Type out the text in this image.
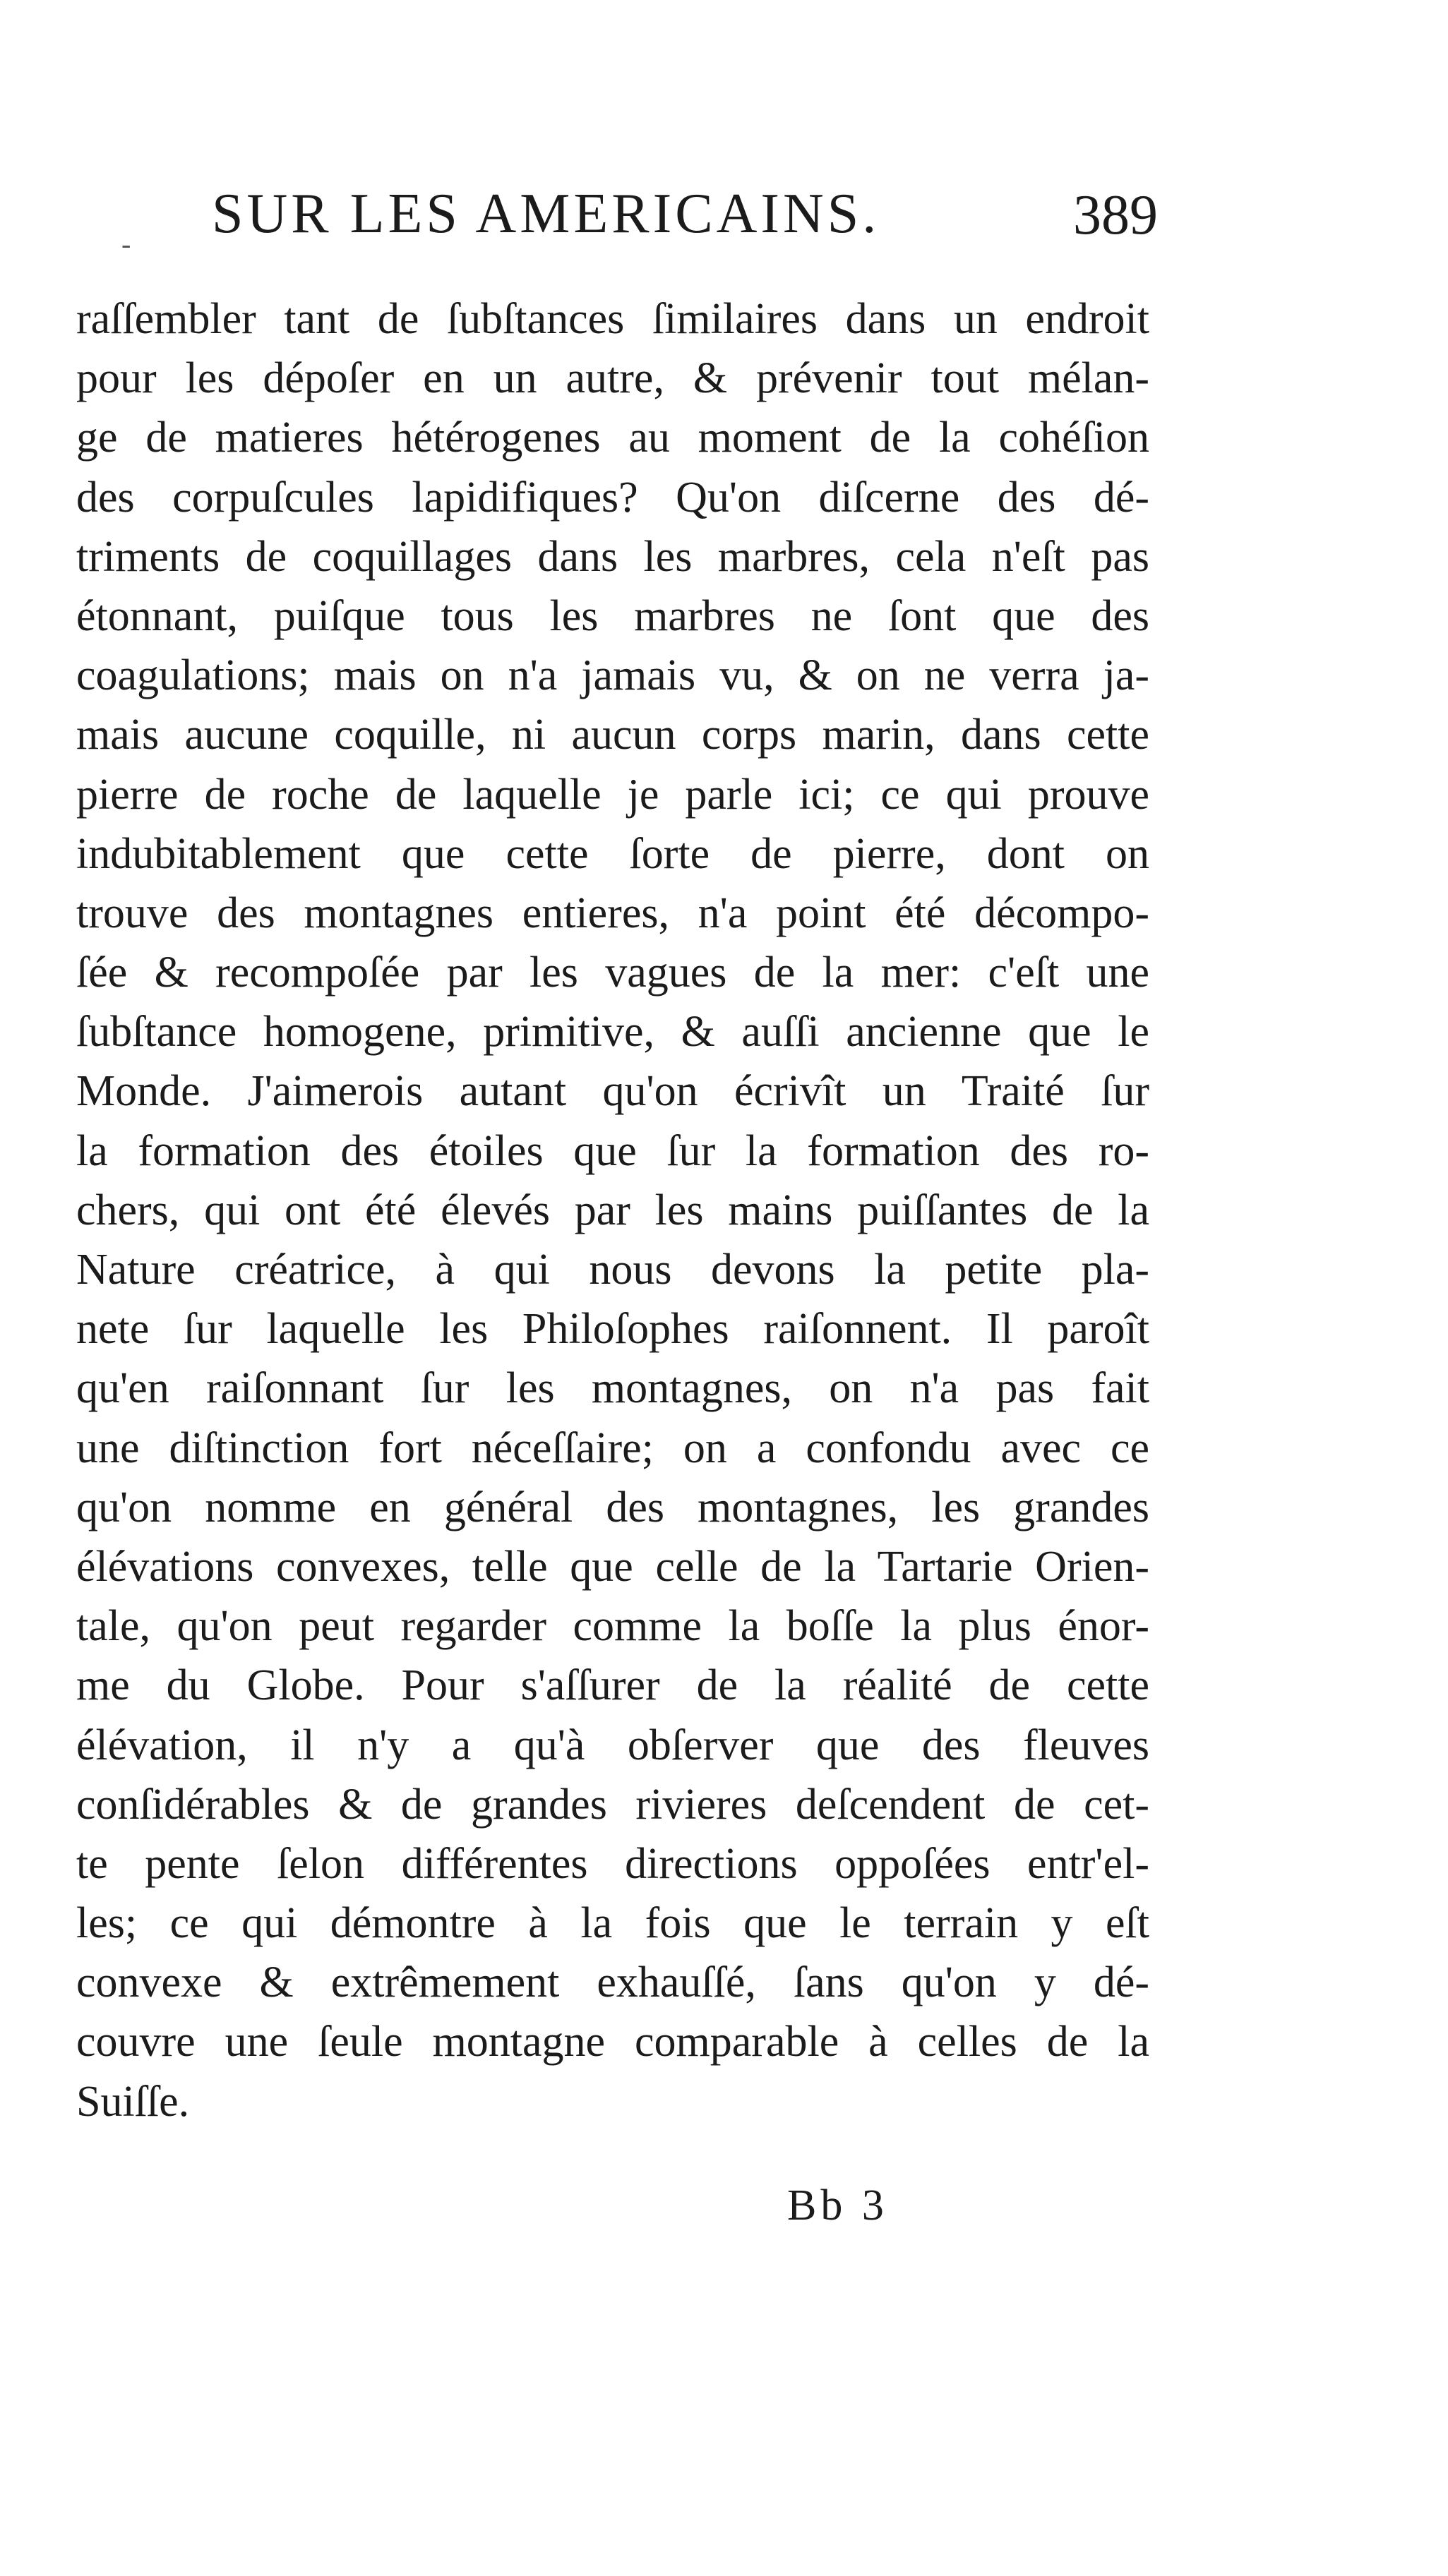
- SUR LES AMERICAINS.	389
raſſembler tant de ſubſtances ſimilaires dans un endroit
pour les dépoſer en un autre, & prévenir tout mélan-
ge de matieres hétérogenes au moment de la cohéſion
des corpuſcules lapidifiques? Qu'on diſcerne des dé-
triments de coquillages dans les marbres, cela n'eſt pas
étonnant, puiſque tous les marbres ne ſont que des
coagulations; mais on n'a jamais vu, & on ne verra ja-
mais aucune coquille, ni aucun corps marin, dans cette
pierre de roche de laquelle je parle ici; ce qui prouve
indubitablement que cette ſorte de pierre, dont on
trouve des montagnes entieres, n'a point été décompo-
ſée & recompoſée par les vagues de la mer: c'eſt une
ſubſtance homogene, primitive, & auſſi ancienne que le
Monde. J'aimerois autant qu'on écrivît un Traité ſur
la formation des étoiles que ſur la formation des ro-
chers, qui ont été élevés par les mains puiſſantes de la
Nature créatrice, à qui nous devons la petite pla-
nete ſur laquelle les Philoſophes raiſonnent. Il paroît
qu'en raiſonnant ſur les montagnes, on n'a pas fait
une diſtinction fort néceſſaire; on a confondu avec ce
qu'on nomme en général des montagnes, les grandes
élévations convexes, telle que celle de la Tartarie Orien-
tale, qu'on peut regarder comme la boſſe la plus énor-
me du Globe. Pour s'aſſurer de la réalité de cette
élévation, il n'y a qu'à obſerver que des fleuves
conſidérables & de grandes rivieres deſcendent de cet-
te pente ſelon différentes directions oppoſées entr'el-
les; ce qui démontre à la fois que le terrain y eſt
convexe & extrêmement exhauſſé, ſans qu'on y dé-
couvre une ſeule montagne comparable à celles de la
Suiſſe.
Bb 3
